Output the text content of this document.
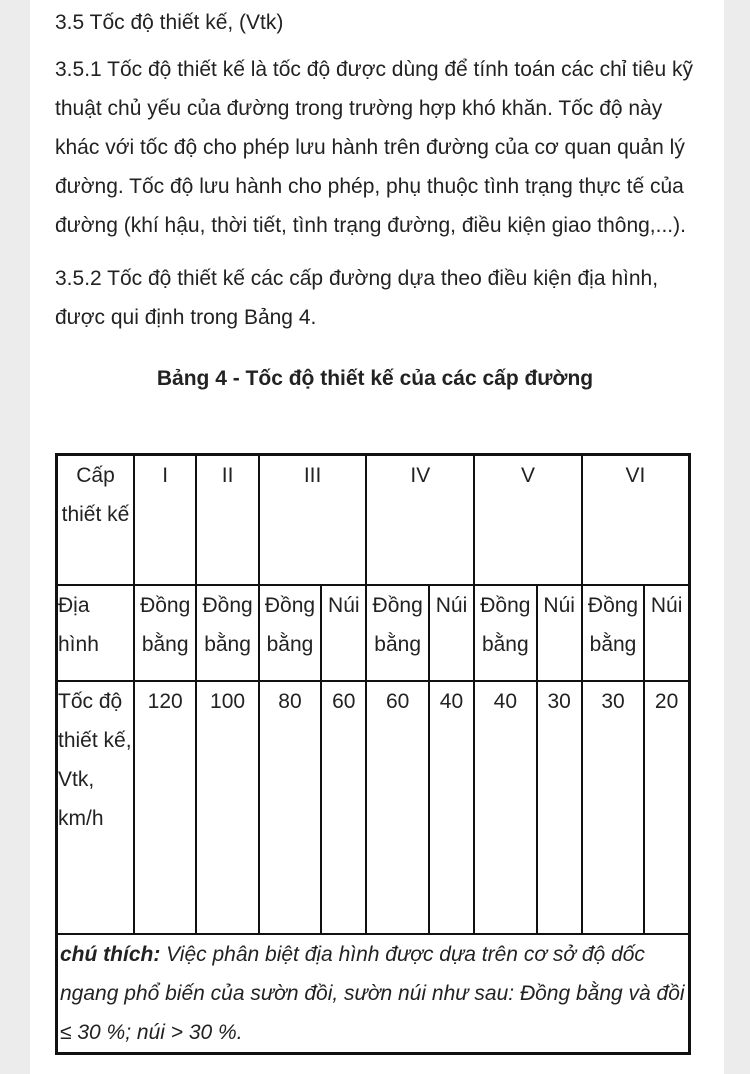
3.5 Tốc độ thiết kế, (Vtk)

3.5.1 Tốc độ thiết kế là tốc độ được dùng để tính toán các chỉ tiêu kỹ thuật chủ yếu của đường trong trường hợp khó khăn. Tốc độ này khác với tốc độ cho phép lưu hành trên đường của cơ quan quản lý đường. Tốc độ lưu hành cho phép, phụ thuộc tình trạng thực tế của đường (khí hậu, thời tiết, tình trạng đường, điều kiện giao thông,...).

3.5.2 Tốc độ thiết kế các cấp đường dựa theo điều kiện địa hình, được qui định trong Bảng 4.

Bảng 4 - Tốc độ thiết kế của các cấp đường
Cấp thiết kế	I	II	III		IV		V		VI	
Địa hình	Đồng bằng	Đồng bằng	Đồng bằng	Núi	Đồng bằng	Núi	Đồng bằng	Núi	Đồng bằng	Núi
Tốc độ thiết kế, Vtk, km/h	120	100	80	60	60	40	40	30	30	20
chú thích: Việc phân biệt địa hình được dựa trên cơ sở độ dốc ngang phổ biến của sườn đồi, sườn núi như sau: Đồng bằng và đồi ≤ 30 %; núi > 30 %.										
